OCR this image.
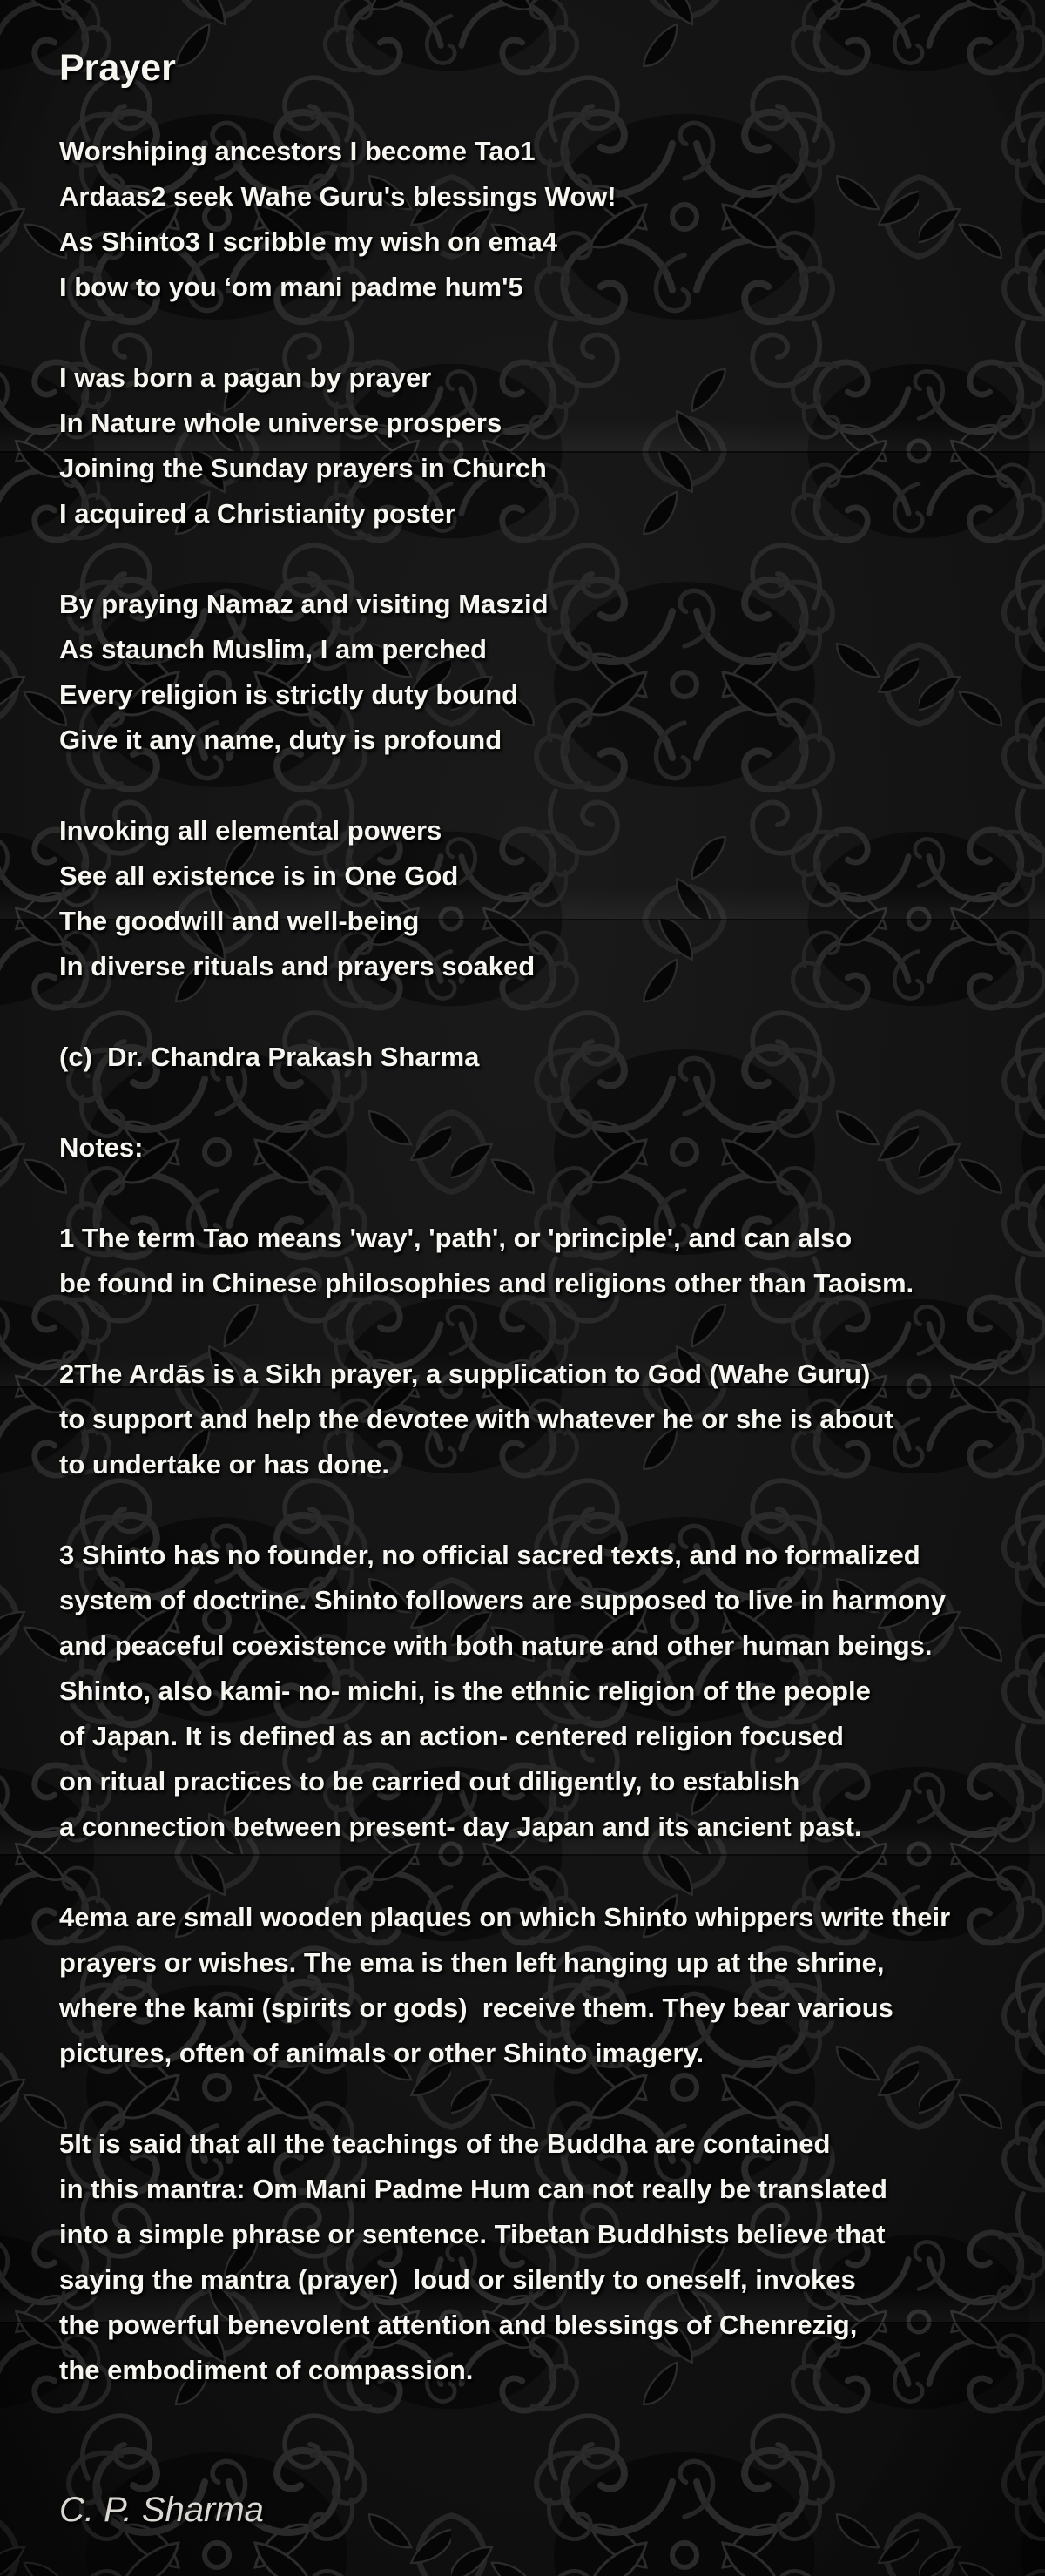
Prayer
Worshiping ancestors I become Tao1
Ardaas2 seek Wahe Guru's blessings Wow!
As Shinto3 I scribble my wish on ema4
I bow to you ‘om mani padme hum'5

I was born a pagan by prayer
In Nature whole universe prospers
Joining the Sunday prayers in Church
I acquired a Christianity poster

By praying Namaz and visiting Maszid
As staunch Muslim, I am perched
Every religion is strictly duty bound
Give it any name, duty is profound

Invoking all elemental powers
See all existence is in One God
The goodwill and well-being
In diverse rituals and prayers soaked

(c)  Dr. Chandra Prakash Sharma

Notes:

1 The term Tao means 'way', 'path', or 'principle', and can also
be found in Chinese philosophies and religions other than Taoism.

2The Ardās is a Sikh prayer, a supplication to God (Wahe Guru)
to support and help the devotee with whatever he or she is about
to undertake or has done.

3 Shinto has no founder, no official sacred texts, and no formalized
system of doctrine. Shinto followers are supposed to live in harmony
and peaceful coexistence with both nature and other human beings.
Shinto, also kami- no- michi, is the ethnic religion of the people
of Japan. It is defined as an action- centered religion focused
on ritual practices to be carried out diligently, to establish
a connection between present- day Japan and its ancient past.

4ema are small wooden plaques on which Shinto whippers write their
prayers or wishes. The ema is then left hanging up at the shrine,
where the kami (spirits or gods)  receive them. They bear various
pictures, often of animals or other Shinto imagery.

5It is said that all the teachings of the Buddha are contained
in this mantra: Om Mani Padme Hum can not really be translated
into a simple phrase or sentence. Tibetan Buddhists believe that
saying the mantra (prayer)  loud or silently to oneself, invokes
the powerful benevolent attention and blessings of Chenrezig,
the embodiment of compassion.
C. P. Sharma
